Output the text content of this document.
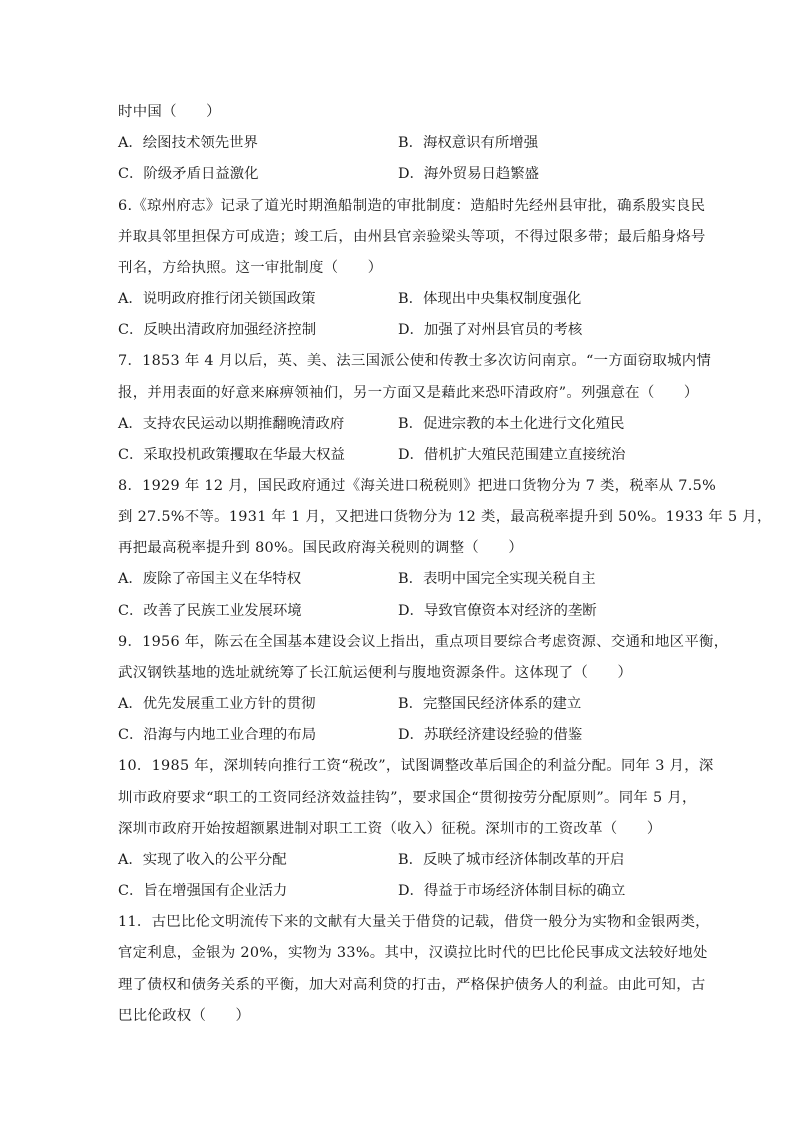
时中国（　　）
A．绘图技术领先世界	B．海权意识有所增强
C．阶级矛盾日益激化	D．海外贸易日趋繁盛
6.《琼州府志》记录了道光时期渔船制造的审批制度：造船时先经州县审批，确系殷实良民
并取具邻里担保方可成造；竣工后，由州县官亲验梁头等项，不得过限多带；最后船身烙号
刊名，方给执照。这一审批制度（　　）
A．说明政府推行闭关锁国政策	B．体现出中央集权制度强化
C．反映出清政府加强经济控制	D．加强了对州县官员的考核
7．1853 年 4 月以后，英、美、法三国派公使和传教士多次访问南京。“一方面窃取城内情
报，并用表面的好意来麻痹领袖们，另一方面又是藉此来恐吓清政府”。列强意在（　　）
A．支持农民运动以期推翻晚清政府	B．促进宗教的本土化进行文化殖民
C．采取投机政策攫取在华最大权益	D．借机扩大殖民范围建立直接统治
8．1929 年 12 月，国民政府通过《海关进口税税则》把进口货物分为 7 类，税率从 7.5%
到 27.5%不等。1931 年 1 月，又把进口货物分为 12 类，最高税率提升到 50%。1933 年 5 月，
再把最高税率提升到 80%。国民政府海关税则的调整（　　）
A．废除了帝国主义在华特权	B．表明中国完全实现关税自主
C．改善了民族工业发展环境	D．导致官僚资本对经济的垄断
9．1956 年，陈云在全国基本建设会议上指出，重点项目要综合考虑资源、交通和地区平衡，
武汉钢铁基地的选址就统筹了长江航运便利与腹地资源条件。这体现了（　　）
A．优先发展重工业方针的贯彻	B．完整国民经济体系的建立
C．沿海与内地工业合理的布局	D．苏联经济建设经验的借鉴
10．1985 年，深圳转向推行工资“税改”，试图调整改革后国企的利益分配。同年 3 月，深
圳市政府要求“职工的工资同经济效益挂钩”，要求国企“贯彻按劳分配原则”。同年 5 月，
深圳市政府开始按超额累进制对职工工资（收入）征税。深圳市的工资改革（　　）
A．实现了收入的公平分配	B．反映了城市经济体制改革的开启
C．旨在增强国有企业活力	D．得益于市场经济体制目标的确立
11．古巴比伦文明流传下来的文献有大量关于借贷的记载，借贷一般分为实物和金银两类，
官定利息，金银为 20%，实物为 33%。其中，汉谟拉比时代的巴比伦民事成文法较好地处
理了债权和债务关系的平衡，加大对高利贷的打击，严格保护债务人的利益。由此可知，古
巴比伦政权（　　）
